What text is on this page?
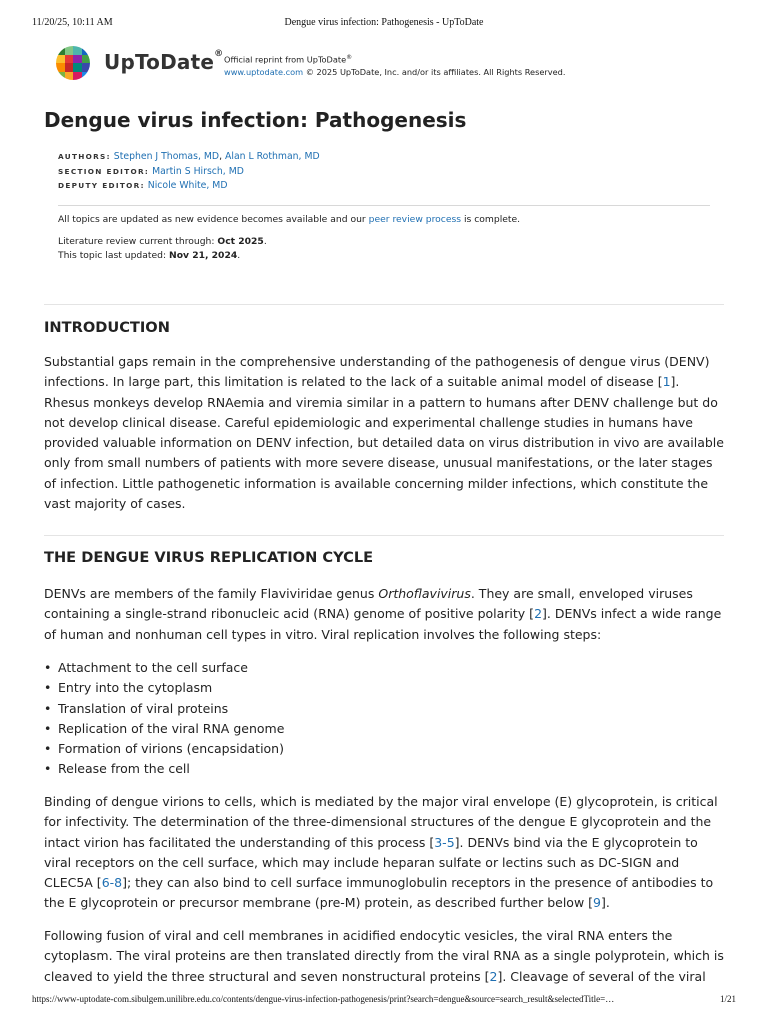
11/20/25, 10:11 AM	Dengue virus infection: Pathogenesis - UpToDate
UpToDate®
Official reprint from UpToDate®
www.uptodate.com © 2025 UpToDate, Inc. and/or its affiliates. All Rights Reserved.
Dengue virus infection: Pathogenesis
AUTHORS: Stephen J Thomas, MD, Alan L Rothman, MD
SECTION EDITOR: Martin S Hirsch, MD
DEPUTY EDITOR: Nicole White, MD

All topics are updated as new evidence becomes available and our peer review process is complete.

Literature review current through: Oct 2025.

This topic last updated: Nov 21, 2024.

INTRODUCTION

Substantial gaps remain in the comprehensive understanding of the pathogenesis of dengue virus (DENV) infections. In large part, this limitation is related to the lack of a suitable animal model of disease [1]. Rhesus monkeys develop RNAemia and viremia similar in a pattern to humans after DENV challenge but do not develop clinical disease. Careful epidemiologic and experimental challenge studies in humans have provided valuable information on DENV infection, but detailed data on virus distribution in vivo are available only from small numbers of patients with more severe disease, unusual manifestations, or the later stages of infection. Little pathogenetic information is available concerning milder infections, which constitute the vast majority of cases.

THE DENGUE VIRUS REPLICATION CYCLE

DENVs are members of the family Flaviviridae genus Orthoflavivirus. They are small, enveloped viruses containing a single-strand ribonucleic acid (RNA) genome of positive polarity [2]. DENVs infect a wide range of human and nonhuman cell types in vitro. Viral replication involves the following steps:

• Attachment to the cell surface
• Entry into the cytoplasm
• Translation of viral proteins
• Replication of the viral RNA genome
• Formation of virions (encapsidation)
• Release from the cell

Binding of dengue virions to cells, which is mediated by the major viral envelope (E) glycoprotein, is critical for infectivity. The determination of the three-dimensional structures of the dengue E glycoprotein and the intact virion has facilitated the understanding of this process [3-5]. DENVs bind via the E glycoprotein to viral receptors on the cell surface, which may include heparan sulfate or lectins such as DC-SIGN and CLEC5A [6-8]; they can also bind to cell surface immunoglobulin receptors in the presence of antibodies to the E glycoprotein or precursor membrane (pre-M) protein, as described further below [9].

Following fusion of viral and cell membranes in acidified endocytic vesicles, the viral RNA enters the cytoplasm. The viral proteins are then translated directly from the viral RNA as a single polyprotein, which is cleaved to yield the three structural and seven nonstructural proteins [2]. Cleavage of several of the viral

https://www-uptodate-com.sibulgem.unilibre.edu.co/contents/dengue-virus-infection-pathogenesis/print?search=dengue&source=search_result&selectedTitle=…	1/21
